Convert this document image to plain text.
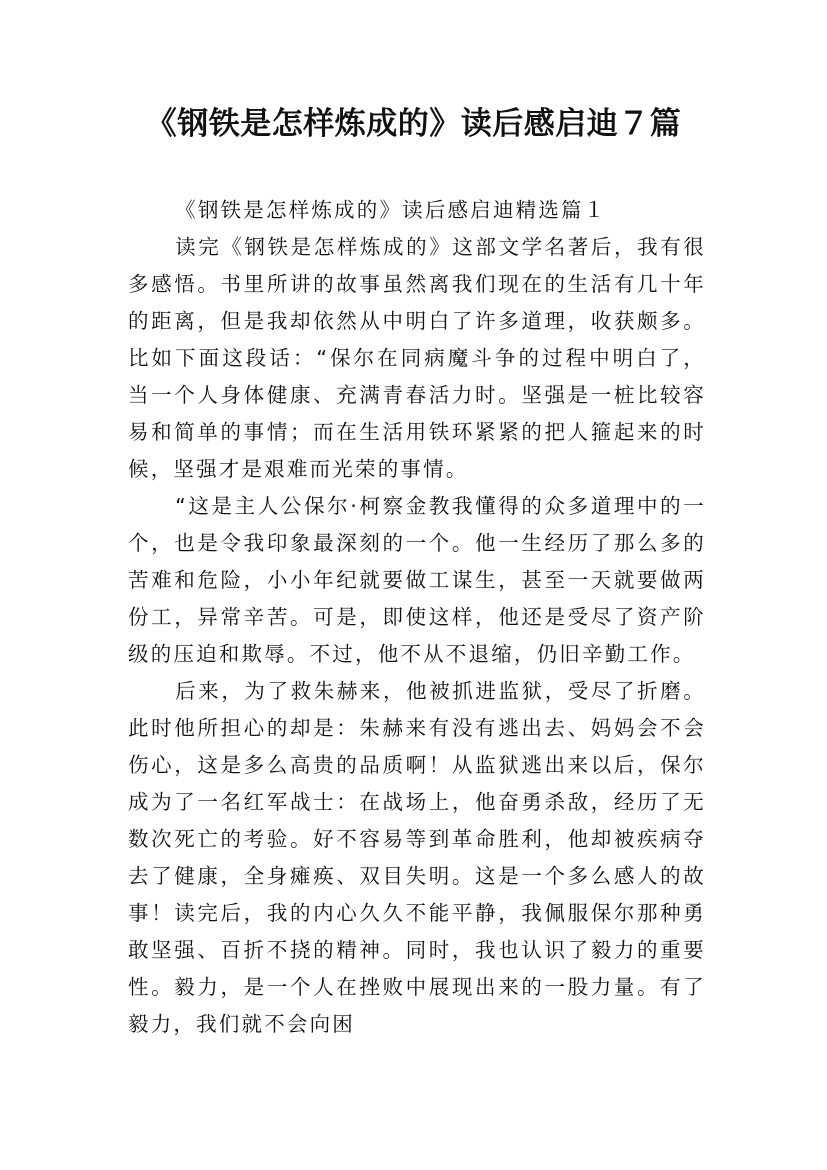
《钢铁是怎样炼成的》读后感启迪７篇

《钢铁是怎样炼成的》读后感启迪精选篇１

读完《钢铁是怎样炼成的》这部文学名著后，我有很多感悟。书里所讲的故事虽然离我们现在的生活有几十年的距离，但是我却依然从中明白了许多道理，收获颇多。比如下面这段话：“保尔在同病魔斗争的过程中明白了，当一个人身体健康、充满青春活力时。坚强是一桩比较容易和简单的事情；而在生活用铁环紧紧的把人箍起来的时候，坚强才是艰难而光荣的事情。

“这是主人公保尔·柯察金教我懂得的众多道理中的一个，也是令我印象最深刻的一个。他一生经历了那么多的苦难和危险，小小年纪就要做工谋生，甚至一天就要做两份工，异常辛苦。可是，即使这样，他还是受尽了资产阶级的压迫和欺辱。不过，他不从不退缩，仍旧辛勤工作。

后来，为了救朱赫来，他被抓进监狱，受尽了折磨。此时他所担心的却是：朱赫来有没有逃出去、妈妈会不会伤心，这是多么高贵的品质啊！从监狱逃出来以后，保尔成为了一名红军战士：在战场上，他奋勇杀敌，经历了无数次死亡的考验。好不容易等到革命胜利，他却被疾病夺去了健康，全身瘫痪、双目失明。这是一个多么感人的故事！读完后，我的内心久久不能平静，我佩服保尔那种勇敢坚强、百折不挠的精神。同时，我也认识了毅力的重要性。毅力，是一个人在挫败中展现出来的一股力量。有了毅力，我们就不会向困
